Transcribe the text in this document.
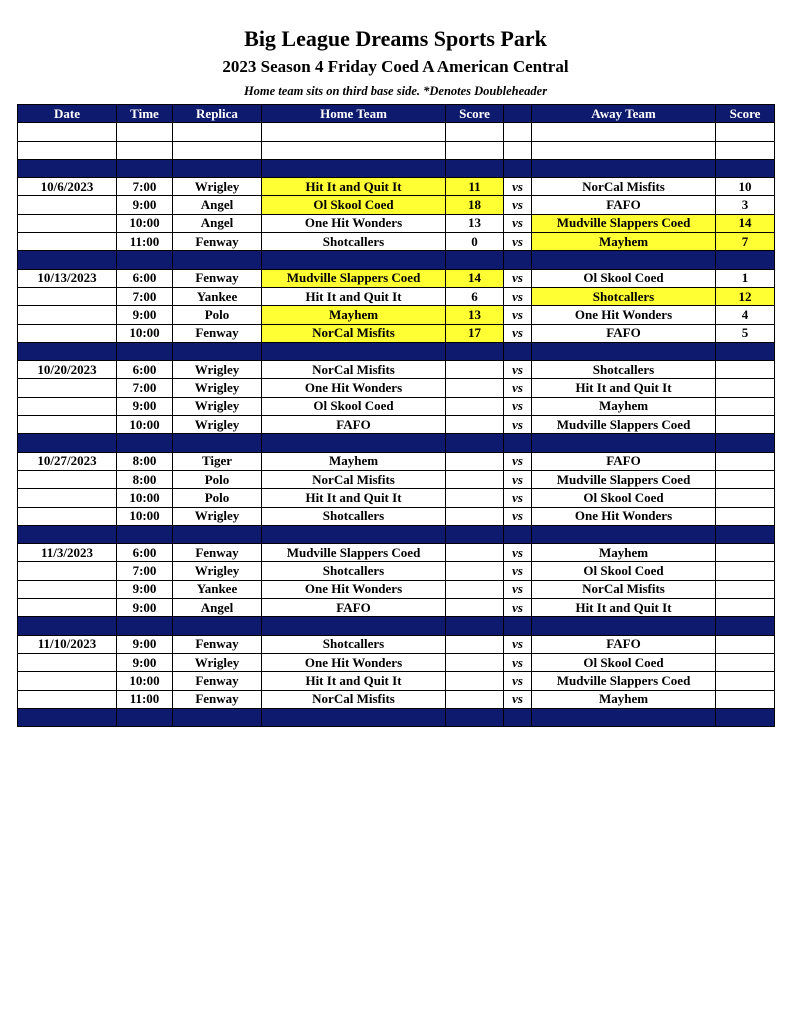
Big League Dreams Sports Park
2023 Season 4 Friday Coed A American Central
Home team sits on third base side. *Denotes Doubleheader
Date	Time	Replica	Home Team	Score		Away Team	Score

10/6/2023	7:00	Wrigley	Hit It and Quit It	11	vs	NorCal Misfits	10
	9:00	Angel	Ol Skool Coed	18	vs	FAFO	3
	10:00	Angel	One Hit Wonders	13	vs	Mudville Slappers Coed	14
	11:00	Fenway	Shotcallers	0	vs	Mayhem	7

10/13/2023	6:00	Fenway	Mudville Slappers Coed	14	vs	Ol Skool Coed	1
	7:00	Yankee	Hit It and Quit It	6	vs	Shotcallers	12
	9:00	Polo	Mayhem	13	vs	One Hit Wonders	4
	10:00	Fenway	NorCal Misfits	17	vs	FAFO	5

10/20/2023	6:00	Wrigley	NorCal Misfits		vs	Shotcallers	
	7:00	Wrigley	One Hit Wonders		vs	Hit It and Quit It	
	9:00	Wrigley	Ol Skool Coed		vs	Mayhem	
	10:00	Wrigley	FAFO		vs	Mudville Slappers Coed	

10/27/2023	8:00	Tiger	Mayhem		vs	FAFO	
	8:00	Polo	NorCal Misfits		vs	Mudville Slappers Coed	
	10:00	Polo	Hit It and Quit It		vs	Ol Skool Coed	
	10:00	Wrigley	Shotcallers		vs	One Hit Wonders	

11/3/2023	6:00	Fenway	Mudville Slappers Coed		vs	Mayhem	
	7:00	Wrigley	Shotcallers		vs	Ol Skool Coed	
	9:00	Yankee	One Hit Wonders		vs	NorCal Misfits	
	9:00	Angel	FAFO		vs	Hit It and Quit It	

11/10/2023	9:00	Fenway	Shotcallers		vs	FAFO	
	9:00	Wrigley	One Hit Wonders		vs	Ol Skool Coed	
	10:00	Fenway	Hit It and Quit It		vs	Mudville Slappers Coed	
	11:00	Fenway	NorCal Misfits		vs	Mayhem	
